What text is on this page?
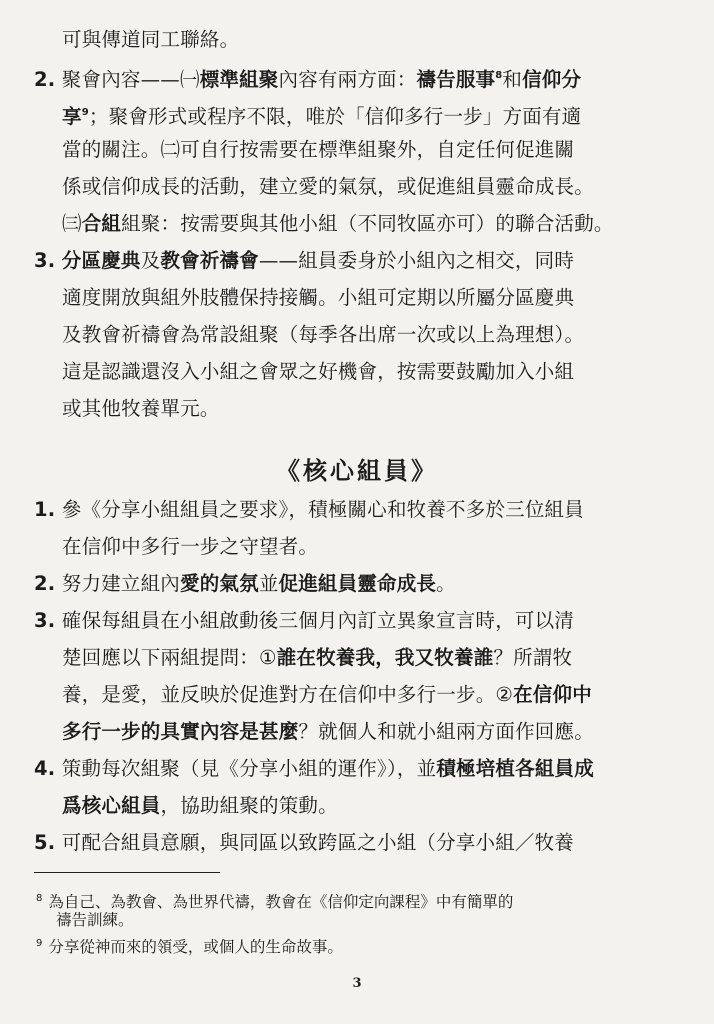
可與傳道同工聯絡。
2. 聚會內容——㈠標準組聚內容有兩方面：禱告服事$^8$和信仰分
享$^9$；聚會形式或程序不限，唯於「信仰多行一步」方面有適
當的關注。㈡可自行按需要在標準組聚外，自定任何促進關
係或信仰成長的活動，建立愛的氣氛，或促進組員靈命成長。
㈢合組組聚：按需要與其他小組（不同牧區亦可）的聯合活動。
3. 分區慶典及教會祈禱會——組員委身於小組內之相交，同時
適度開放與組外肢體保持接觸。小組可定期以所屬分區慶典
及教會祈禱會為常設組聚（每季各出席一次或以上為理想）。
這是認識還沒入小組之會眾之好機會，按需要鼓勵加入小組
或其他牧養單元。
《核心組員》
1. 參《分享小組組員之要求》，積極關心和牧養不多於三位組員
在信仰中多行一步之守望者。
2. 努力建立組內愛的氣氛並促進組員靈命成長。
3. 確保每組員在小組啟動後三個月內訂立異象宣言時，可以清
楚回應以下兩組提問：①誰在牧養我，我又牧養誰？所謂牧
養，是愛，並反映於促進對方在信仰中多行一步。②在信仰中
多行一步的具實內容是甚麼？就個人和就小組兩方面作回應。
4. 策動每次組聚（見《分享小組的運作》），並積極培植各組員成
爲核心組員，協助組聚的策動。
5. 可配合組員意願，與同區以致跨區之小組（分享小組／牧養
$^8$ 為自己、為教會、為世界代禱，教會在《信仰定向課程》中有簡單的
禱告訓練。
$^9$ 分享從神而來的領受，或個人的生命故事。
3
